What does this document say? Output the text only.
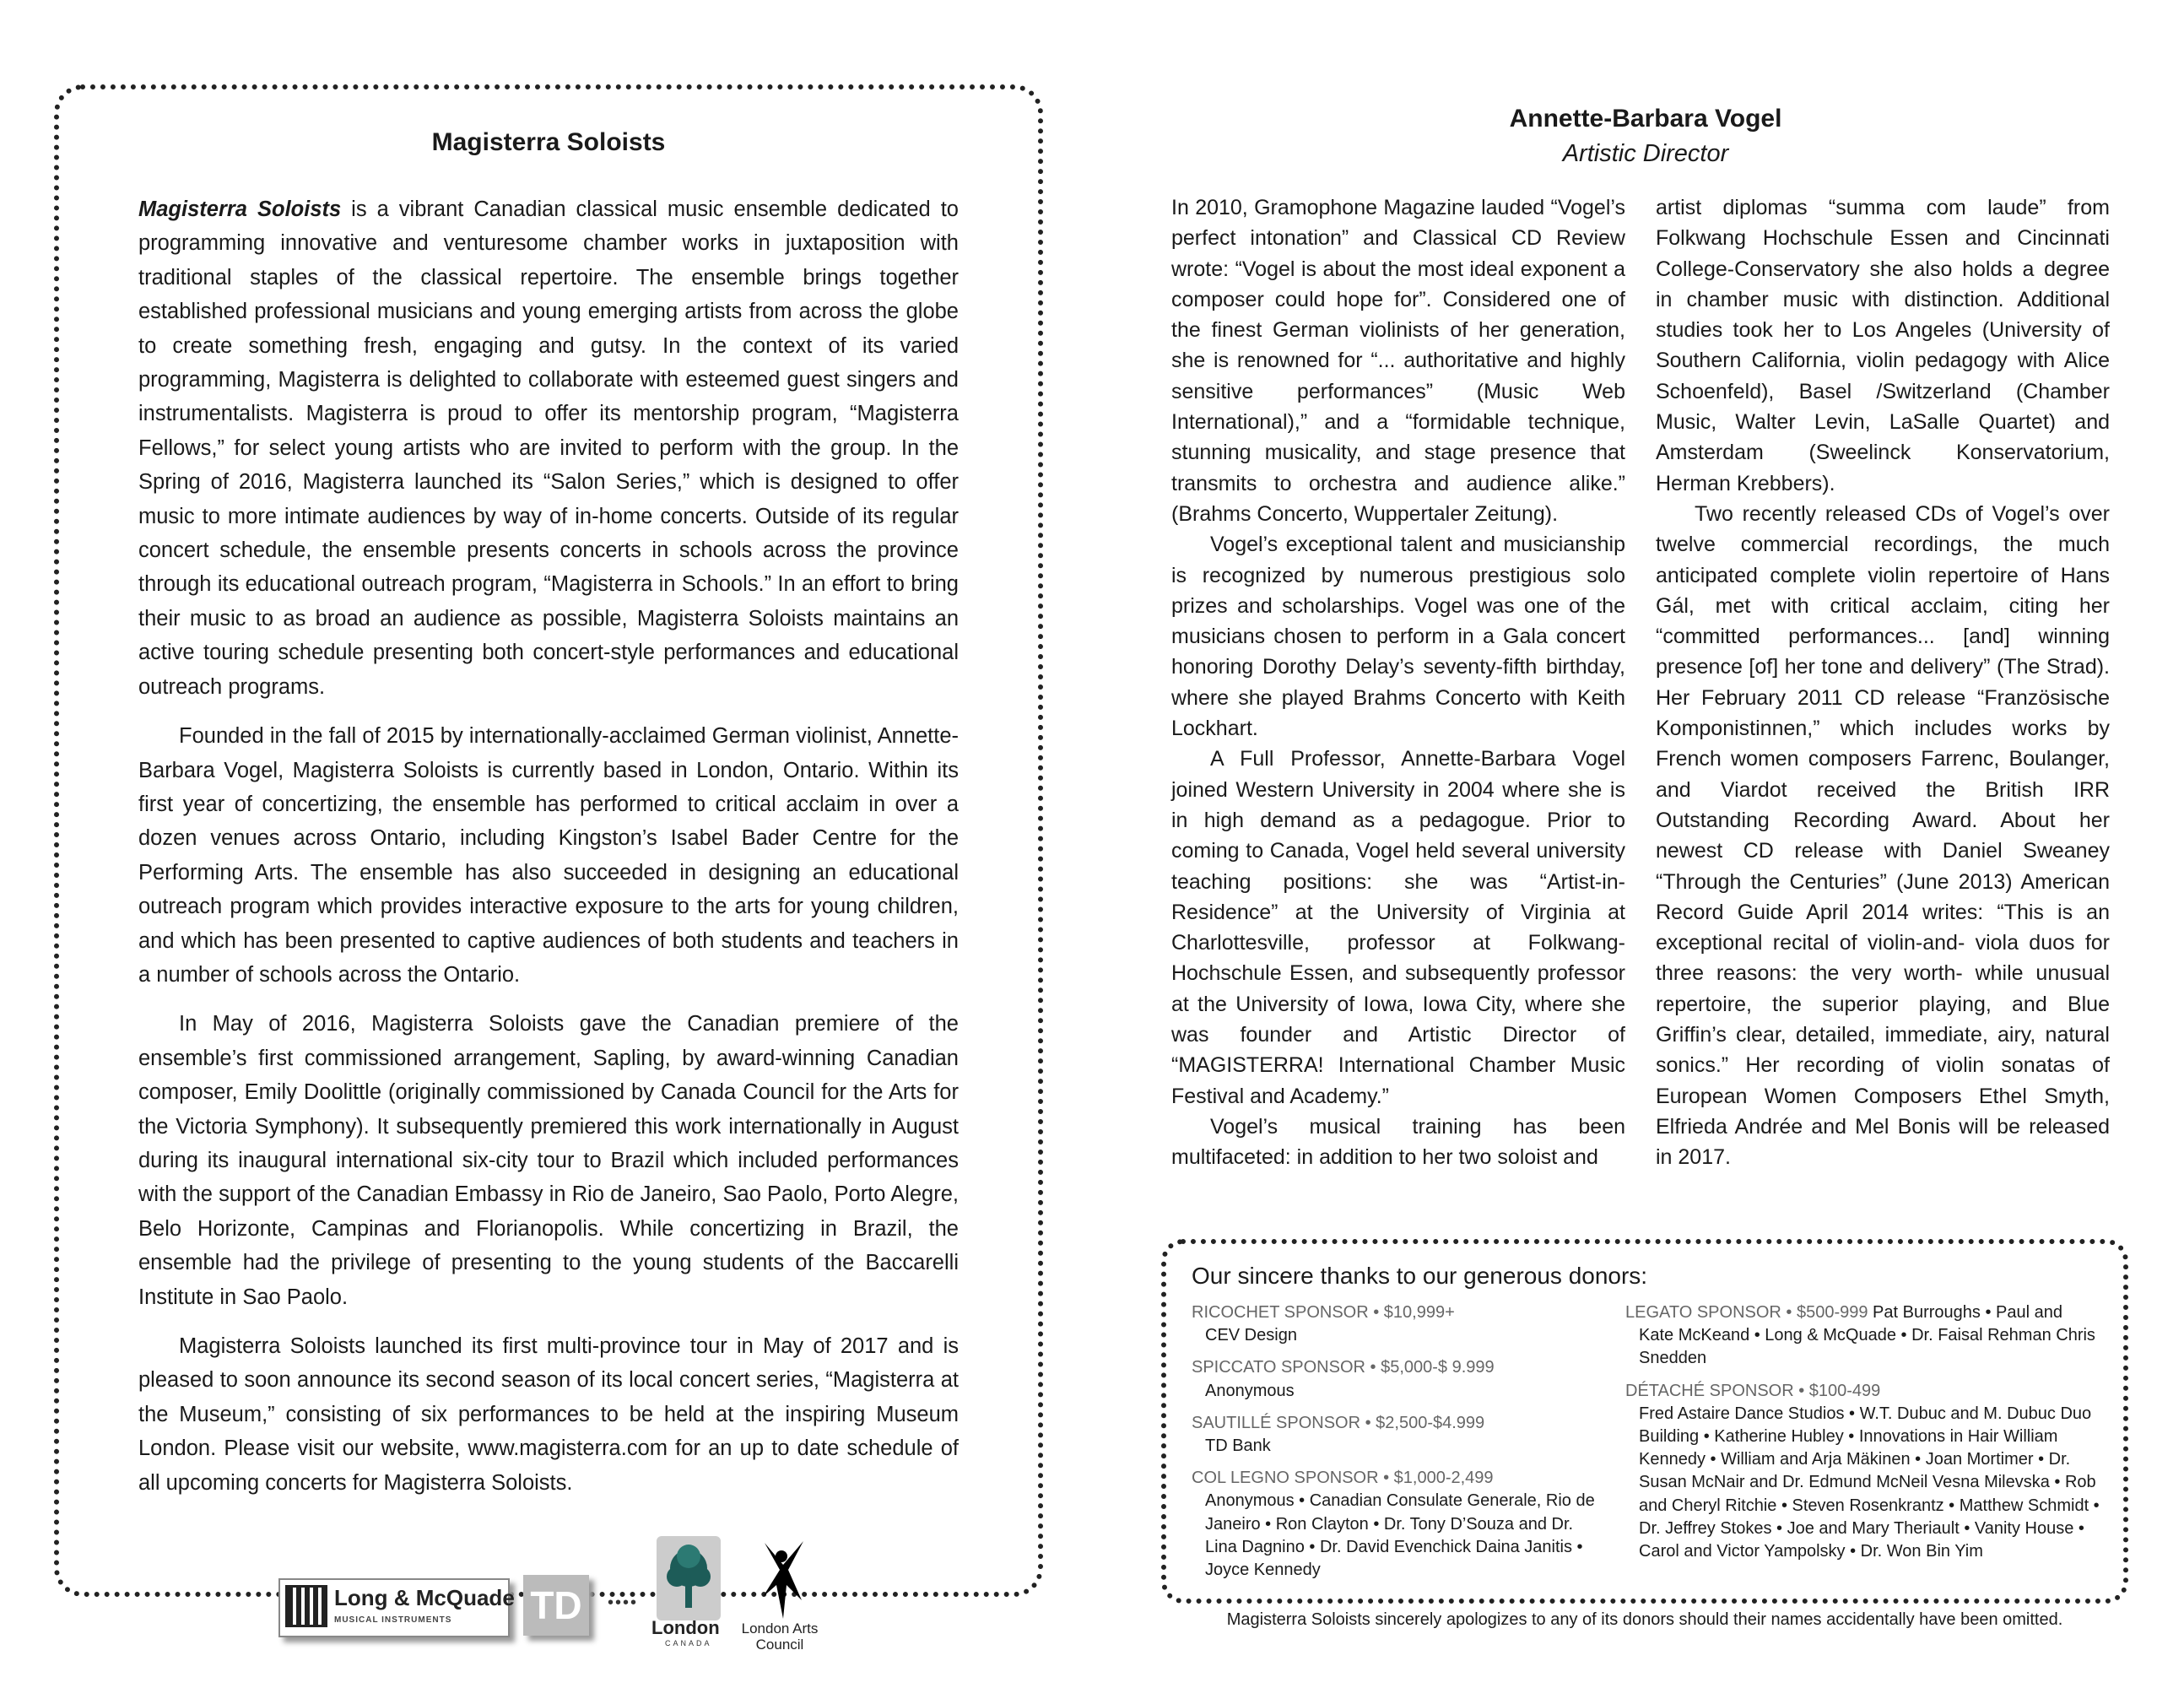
Magisterra Soloists

Magisterra Soloists is a vibrant Canadian classical music ensemble dedicated to programming innovative and venturesome chamber works in juxtaposition with traditional staples of the classical repertoire. The ensemble brings together established professional musicians and young emerging artists from across the globe to create something fresh, engaging and gutsy. In the context of its varied programming, Magisterra is delighted to collaborate with esteemed guest singers and instrumentalists. Magisterra is proud to offer its mentorship program, “Magisterra Fellows,” for select young artists who are invited to perform with the group. In the Spring of 2016, Magisterra launched its “Salon Series,” which is designed to offer music to more intimate audiences by way of in-home concerts. Outside of its regular concert schedule, the ensemble presents concerts in schools across the province through its educational outreach program, “Magisterra in Schools.” In an effort to bring their music to as broad an audience as possible, Magisterra Soloists maintains an active touring schedule presenting both concert-style performances and educational outreach programs.

Founded in the fall of 2015 by internationally-acclaimed German violinist, Annette-Barbara Vogel, Magisterra Soloists is currently based in London, Ontario. Within its first year of concertizing, the ensemble has performed to critical acclaim in over a dozen venues across Ontario, including Kingston’s Isabel Bader Centre for the Performing Arts. The ensemble has also succeeded in designing an educational outreach program which provides interactive exposure to the arts for young children, and which has been presented to captive audiences of both students and teachers in a number of schools across the Ontario.

In May of 2016, Magisterra Soloists gave the Canadian premiere of the ensemble’s first commissioned arrangement, Sapling, by award-winning Canadian composer, Emily Doolittle (originally commissioned by Canada Council for the Arts for the Victoria Symphony). It subsequently premiered this work internationally in August during its inaugural international six-city tour to Brazil which included performances with the support of the Canadian Embassy in Rio de Janeiro, Sao Paolo, Porto Alegre, Belo Horizonte, Campinas and Florianopolis. While concertizing in Brazil, the ensemble had the privilege of presenting to the young students of the Baccarelli Institute in Sao Paolo.

Magisterra Soloists launched its first multi-province tour in May of 2017 and is pleased to soon announce its second season of its local concert series, “Magisterra at the Museum,” consisting of six performances to be held at the inspiring Museum London. Please visit our website, www.magisterra.com for an up to date schedule of all upcoming concerts for Magisterra Soloists.

Long & McQuade
MUSICAL INSTRUMENTS TD	••••
London
CANADA
London Arts
Council
Annette-Barbara Vogel
Artistic Director

In 2010, Gramophone Magazine lauded “Vogel’s perfect intonation” and Classical CD Review wrote: “Vogel is about the most ideal exponent a composer could hope for”. Considered one of the finest German violinists of her generation, she is renowned for “... authoritative and highly sensitive performances” (Music Web International),” and a “formidable technique, stunning musicality, and stage presence that transmits to orchestra and audience alike.” (Brahms Concerto, Wuppertaler Zeitung).

Vogel’s exceptional talent and musicianship is recognized by numerous prestigious solo prizes and scholarships. Vogel was one of the musicians chosen to perform in a Gala concert honoring Dorothy Delay’s seventy-fifth birthday, where she played Brahms Concerto with Keith Lockhart.

A Full Professor, Annette-Barbara Vogel joined Western University in 2004 where she is in high demand as a pedagogue. Prior to coming to Canada, Vogel held several university teaching positions: she was “Artist-in-Residence” at the University of Virginia at Charlottesville, professor at Folkwang-Hochschule Essen, and subsequently professor at the University of Iowa, Iowa City, where she was founder and Artistic Director of “MAGISTERRA! International Chamber Music Festival and Academy.”

Vogel’s musical training has been multifaceted: in addition to her two soloist and

artist diplomas “summa com laude” from Folkwang Hochschule Essen and Cincinnati College-Conservatory she also holds a degree in chamber music with distinction. Additional studies took her to Los Angeles (University of Southern California, violin pedagogy with Alice Schoenfeld), Basel /Switzerland (Chamber Music, Walter Levin, LaSalle Quartet) and Amsterdam (Sweelinck Konservatorium, Herman Krebbers).

Two recently released CDs of Vogel’s over twelve commercial recordings, the much anticipated complete violin repertoire of Hans Gál, met with critical acclaim, citing her “committed performances... [and] winning presence [of] her tone and delivery” (The Strad). Her February 2011 CD release “Französische Komponistinnen,” which includes works by French women composers Farrenc, Boulanger, and Viardot received the British IRR Outstanding Recording Award. About her newest CD release with Daniel Sweaney “Through the Centuries” (June 2013) American Record Guide April 2014 writes: “This is an exceptional recital of violin-and- viola duos for three reasons: the very worth- while unusual repertoire, the superior playing, and Blue Griffin’s clear, detailed, immediate, airy, natural sonics.” Her recording of violin sonatas of European Women Composers Ethel Smyth, Elfrieda Andrée and Mel Bonis will be released in 2017.

Our sincere thanks to our generous donors:
RICOCHET SPONSOR • $10,999+
CEV Design
SPICCATO SPONSOR • $5,000-$ 9.999
Anonymous
SAUTILLÉ SPONSOR • $2,500-$4.999
TD Bank
COL LEGNO SPONSOR • $1,000-2,499
Anonymous • Canadian Consulate Generale, Rio de Janeiro • Ron Clayton • Dr. Tony D’Souza and Dr. Lina Dagnino • Dr. David Evenchick Daina Janitis • Joyce Kennedy
LEGATO SPONSOR • $500-999 Pat Burroughs • Paul and
Kate McKeand • Long & McQuade • Dr. Faisal Rehman Chris Snedden
DÉTACHÉ SPONSOR • $100-499
Fred Astaire Dance Studios • W.T. Dubuc and M. Dubuc Duo Building • Katherine Hubley • Innovations in Hair William Kennedy • William and Arja Mäkinen • Joan Mortimer • Dr. Susan McNair and Dr. Edmund McNeil Vesna Milevska • Rob and Cheryl Ritchie • Steven Rosenkrantz • Matthew Schmidt • Dr. Jeffrey Stokes • Joe and Mary Theriault • Vanity House • Carol and Victor Yampolsky • Dr. Won Bin Yim
Magisterra Soloists sincerely apologizes to any of its donors should their names accidentally have been omitted.
